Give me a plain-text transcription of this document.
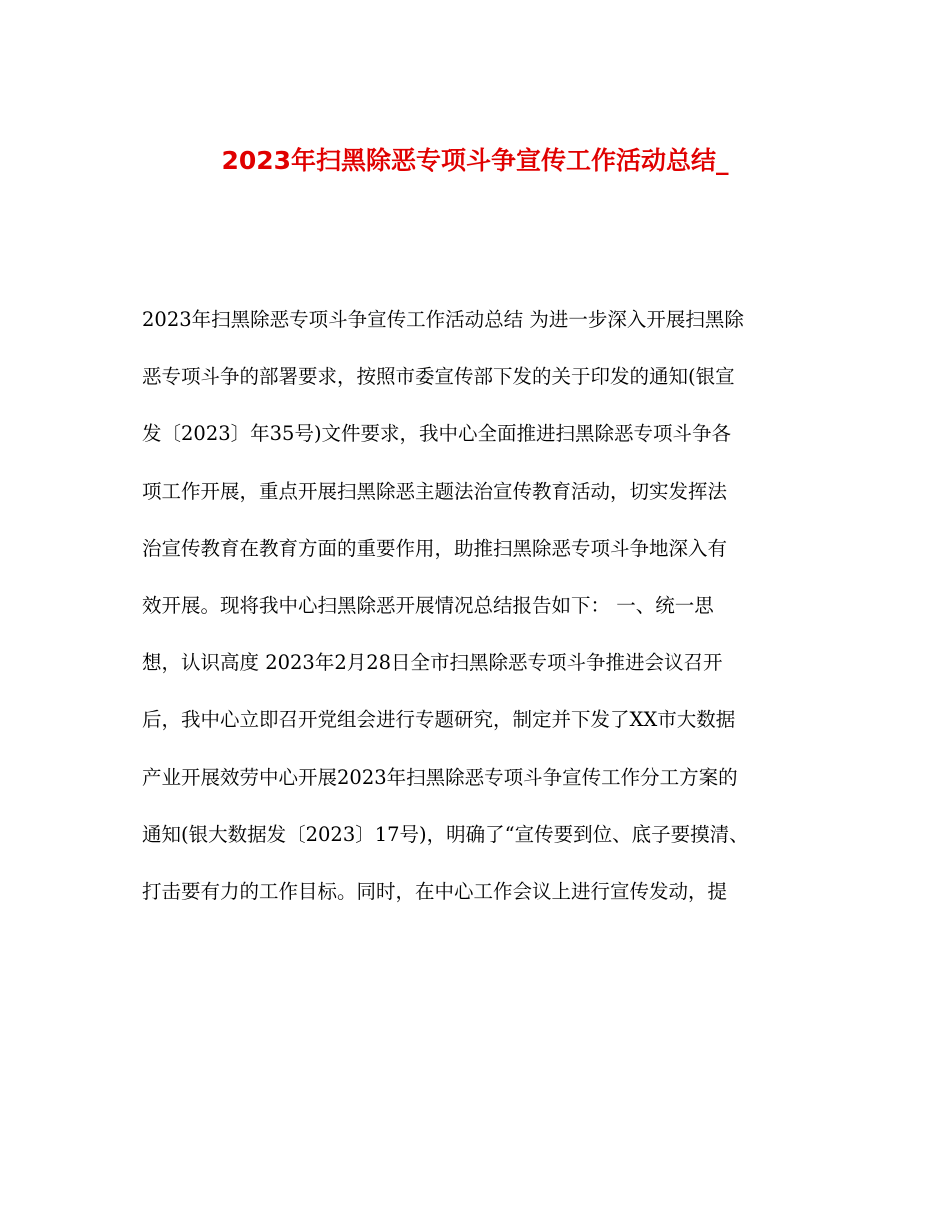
2023年扫黑除恶专项斗争宣传工作活动总结_
2023年扫黑除恶专项斗争宣传工作活动总结 为进一步深入开展扫黑除
恶专项斗争的部署要求，按照市委宣传部下发的关于印发的通知(银宣
发〔2023〕年35号)文件要求，我中心全面推进扫黑除恶专项斗争各
项工作开展，重点开展扫黑除恶主题法治宣传教育活动，切实发挥法
治宣传教育在教育方面的重要作用，助推扫黑除恶专项斗争地深入有
效开展。现将我中心扫黑除恶开展情况总结报告如下： 一、统一思
想，认识高度 2023年2月28日全市扫黑除恶专项斗争推进会议召开
后，我中心立即召开党组会进行专题研究，制定并下发了XX市大数据
产业开展效劳中心开展2023年扫黑除恶专项斗争宣传工作分工方案的
通知(银大数据发〔2023〕17号)，明确了“宣传要到位、底子要摸清、
打击要有力的工作目标。同时，在中心工作会议上进行宣传发动，提
